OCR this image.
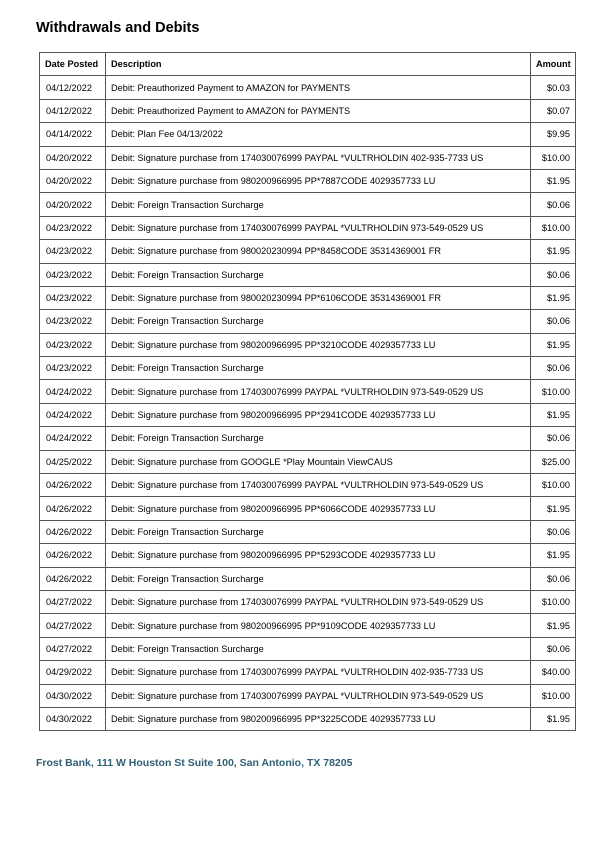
Withdrawals and Debits
Date Posted	Description	Amount
04/12/2022	Debit: Preauthorized Payment to AMAZON for PAYMENTS	$0.03
04/12/2022	Debit: Preauthorized Payment to AMAZON for PAYMENTS	$0.07
04/14/2022	Debit: Plan Fee 04/13/2022	$9.95
04/20/2022	Debit: Signature purchase from 174030076999 PAYPAL *VULTRHOLDIN 402-935-7733 US	$10.00
04/20/2022	Debit: Signature purchase from 980200966995 PP*7887CODE 4029357733 LU	$1.95
04/20/2022	Debit: Foreign Transaction Surcharge	$0.06
04/23/2022	Debit: Signature purchase from 174030076999 PAYPAL *VULTRHOLDIN 973-549-0529 US	$10.00
04/23/2022	Debit: Signature purchase from 980020230994 PP*8458CODE 35314369001 FR	$1.95
04/23/2022	Debit: Foreign Transaction Surcharge	$0.06
04/23/2022	Debit: Signature purchase from 980020230994 PP*6106CODE 35314369001 FR	$1.95
04/23/2022	Debit: Foreign Transaction Surcharge	$0.06
04/23/2022	Debit: Signature purchase from 980200966995 PP*3210CODE 4029357733 LU	$1.95
04/23/2022	Debit: Foreign Transaction Surcharge	$0.06
04/24/2022	Debit: Signature purchase from 174030076999 PAYPAL *VULTRHOLDIN 973-549-0529 US	$10.00
04/24/2022	Debit: Signature purchase from 980200966995 PP*2941CODE 4029357733 LU	$1.95
04/24/2022	Debit: Foreign Transaction Surcharge	$0.06
04/25/2022	Debit: Signature purchase from GOOGLE *Play Mountain ViewCAUS	$25.00
04/26/2022	Debit: Signature purchase from 174030076999 PAYPAL *VULTRHOLDIN 973-549-0529 US	$10.00
04/26/2022	Debit: Signature purchase from 980200966995 PP*6066CODE 4029357733 LU	$1.95
04/26/2022	Debit: Foreign Transaction Surcharge	$0.06
04/26/2022	Debit: Signature purchase from 980200966995 PP*5293CODE 4029357733 LU	$1.95
04/26/2022	Debit: Foreign Transaction Surcharge	$0.06
04/27/2022	Debit: Signature purchase from 174030076999 PAYPAL *VULTRHOLDIN 973-549-0529 US	$10.00
04/27/2022	Debit: Signature purchase from 980200966995 PP*9109CODE 4029357733 LU	$1.95
04/27/2022	Debit: Foreign Transaction Surcharge	$0.06
04/29/2022	Debit: Signature purchase from 174030076999 PAYPAL *VULTRHOLDIN 402-935-7733 US	$40.00
04/30/2022	Debit: Signature purchase from 174030076999 PAYPAL *VULTRHOLDIN 973-549-0529 US	$10.00
04/30/2022	Debit: Signature purchase from 980200966995 PP*3225CODE 4029357733 LU	$1.95
Frost Bank, 111 W Houston St Suite 100, San Antonio, TX 78205
